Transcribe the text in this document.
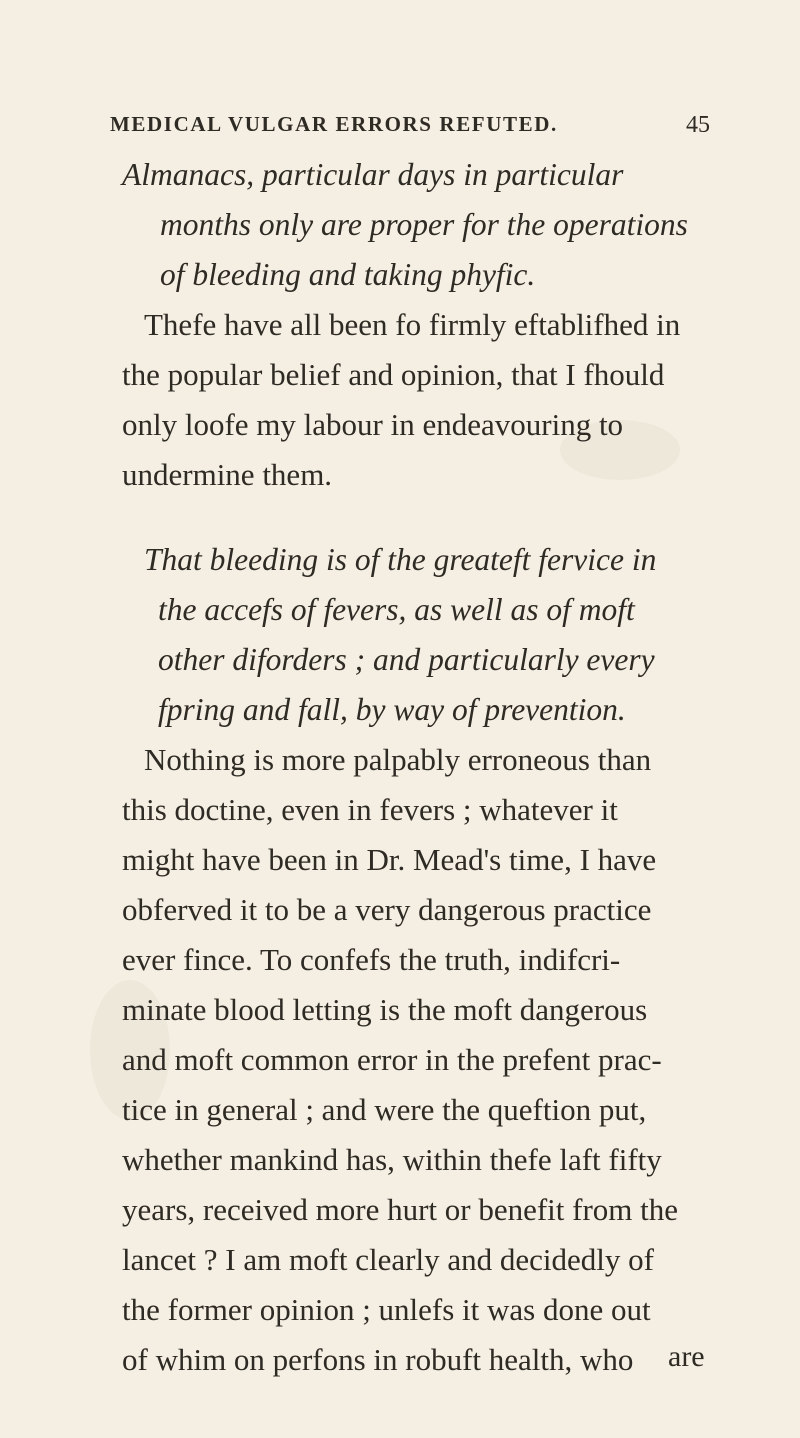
MEDICAL VULGAR ERRORS REFUTED.	45
Almanacs, particular days in particular
months only are proper for the operations
of bleeding and taking phyfic.
Thefe have all been fo firmly eftablifhed in
the popular belief and opinion, that I fhould
only loofe my labour in endeavouring to
undermine them.
That bleeding is of the greateft fervice in
the accefs of fevers, as well as of moft
other diforders ; and particularly every
fpring and fall, by way of prevention.
Nothing is more palpably erroneous than
this doctine, even in fevers ; whatever it
might have been in Dr. Mead's time, I have
obferved it to be a very dangerous practice
ever fince. To confefs the truth, indifcri-
minate blood letting is the moft dangerous
and moft common error in the prefent prac-
tice in general ; and were the queftion put,
whether mankind has, within thefe laft fifty
years, received more hurt or benefit from the
lancet ? I am moft clearly and decidedly of
the former opinion ; unlefs it was done out
of whim on perfons in robuft health, who	are
